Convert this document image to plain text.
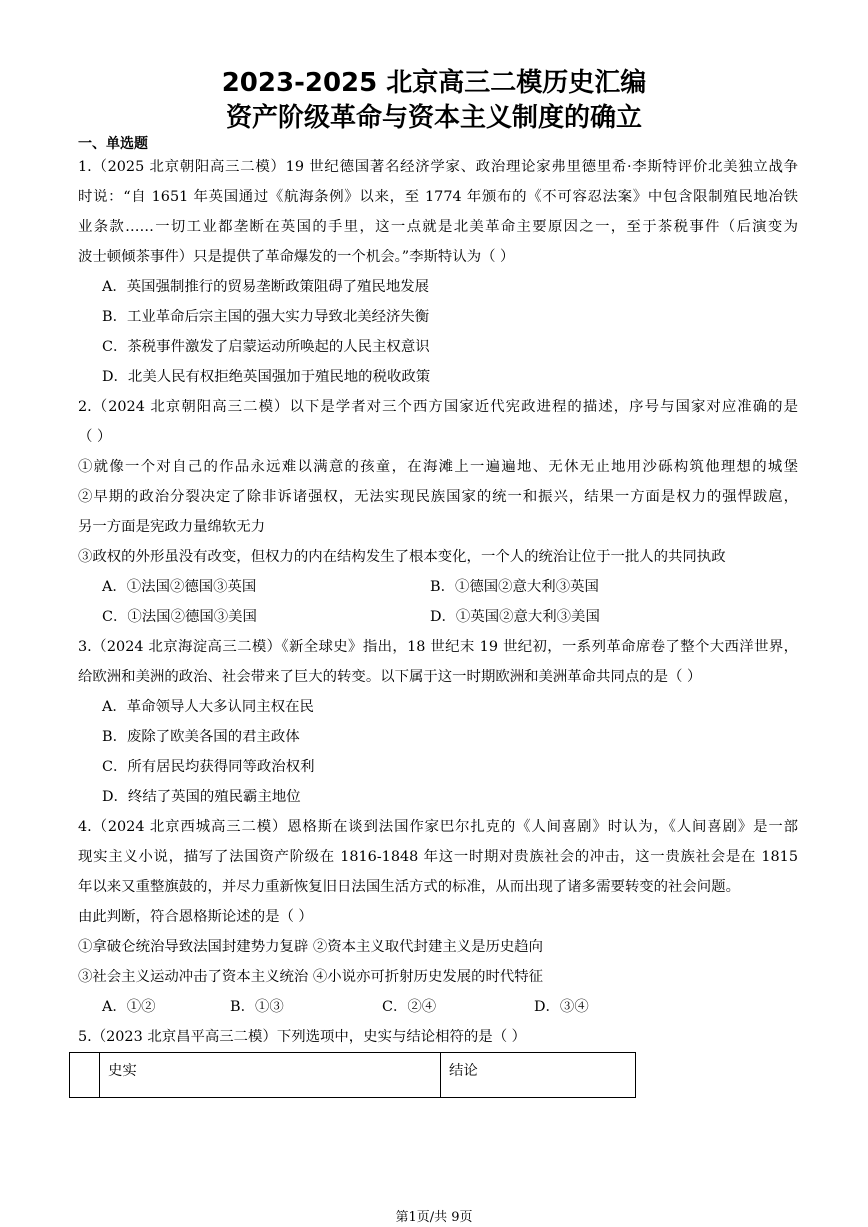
2023-2025 北京高三二模历史汇编
资产阶级革命与资本主义制度的确立
一、单选题

1.（2025 北京朝阳高三二模）19 世纪德国著名经济学家、政治理论家弗里德里希·李斯特评价北美独立战争

时说：“自 1651 年英国通过《航海条例》以来，至 1774 年颁布的《不可容忍法案》中包含限制殖民地冶铁

业条款……一切工业都垄断在英国的手里，这一点就是北美革命主要原因之一，至于茶税事件（后演变为

波士顿倾茶事件）只是提供了革命爆发的一个机会。”李斯特认为（ ）

A．英国强制推行的贸易垄断政策阻碍了殖民地发展

B．工业革命后宗主国的强大实力导致北美经济失衡

C．茶税事件激发了启蒙运动所唤起的人民主权意识

D．北美人民有权拒绝英国强加于殖民地的税收政策

2.（2024 北京朝阳高三二模）以下是学者对三个西方国家近代宪政进程的描述，序号与国家对应准确的是

（ ）

①就像一个对自己的作品永远难以满意的孩童，在海滩上一遍遍地、无休无止地用沙砾构筑他理想的城堡

②早期的政治分裂决定了除非诉诸强权，无法实现民族国家的统一和振兴，结果一方面是权力的强悍跋扈，

另一方面是宪政力量绵软无力

③政权的外形虽没有改变，但权力的内在结构发生了根本变化，一个人的统治让位于一批人的共同执政

A．①法国②德国③英国	B．①德国②意大利③英国
C．①法国②德国③美国	D．①英国②意大利③美国

3.（2024 北京海淀高三二模）《新全球史》指出，18 世纪末 19 世纪初，一系列革命席卷了整个大西洋世界，

给欧洲和美洲的政治、社会带来了巨大的转变。以下属于这一时期欧洲和美洲革命共同点的是（ ）

A．革命领导人大多认同主权在民

B．废除了欧美各国的君主政体

C．所有居民均获得同等政治权利

D．终结了英国的殖民霸主地位

4.（2024 北京西城高三二模）恩格斯在谈到法国作家巴尔扎克的《人间喜剧》时认为，《人间喜剧》是一部

现实主义小说，描写了法国资产阶级在 1816-1848 年这一时期对贵族社会的冲击，这一贵族社会是在 1815

年以来又重整旗鼓的，并尽力重新恢复旧日法国生活方式的标准，从而出现了诸多需要转变的社会问题。

由此判断，符合恩格斯论述的是（ ）

①拿破仑统治导致法国封建势力复辟 ②资本主义取代封建主义是历史趋向

③社会主义运动冲击了资本主义统治 ④小说亦可折射历史发展的时代特征

A．①②	B．①③	C．②④	D．③④

5.（2023 北京昌平高三二模）下列选项中，史实与结论相符的是（ ）

	史实	结论
第1页/共 9页
